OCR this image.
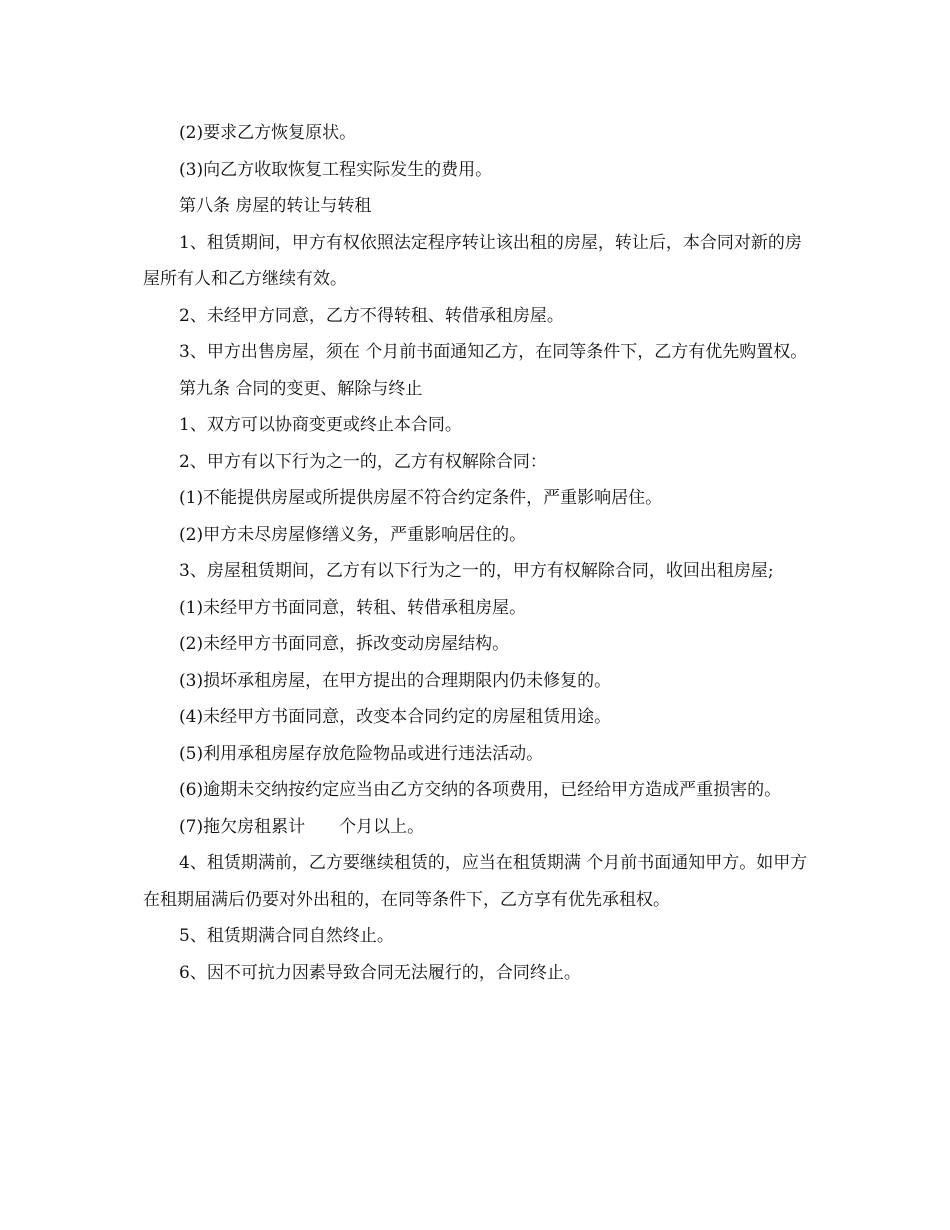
(2)要求乙方恢复原状。

(3)向乙方收取恢复工程实际发生的费用。

第八条 房屋的转让与转租

1、租赁期间，甲方有权依照法定程序转让该出租的房屋，转让后，本合同对新的房屋所有人和乙方继续有效。

2、未经甲方同意，乙方不得转租、转借承租房屋。

3、甲方出售房屋，须在 个月前书面通知乙方，在同等条件下，乙方有优先购置权。

第九条 合同的变更、解除与终止

1、双方可以协商变更或终止本合同。

2、甲方有以下行为之一的，乙方有权解除合同：

(1)不能提供房屋或所提供房屋不符合约定条件，严重影响居住。

(2)甲方未尽房屋修缮义务，严重影响居住的。

3、房屋租赁期间，乙方有以下行为之一的，甲方有权解除合同，收回出租房屋;

(1)未经甲方书面同意，转租、转借承租房屋。

(2)未经甲方书面同意，拆改变动房屋结构。

(3)损坏承租房屋，在甲方提出的合理期限内仍未修复的。

(4)未经甲方书面同意，改变本合同约定的房屋租赁用途。

(5)利用承租房屋存放危险物品或进行违法活动。

(6)逾期未交纳按约定应当由乙方交纳的各项费用，已经给甲方造成严重损害的。

(7)拖欠房租累计　　个月以上。

4、租赁期满前，乙方要继续租赁的，应当在租赁期满 个月前书面通知甲方。如甲方在租期届满后仍要对外出租的，在同等条件下，乙方享有优先承租权。

5、租赁期满合同自然终止。

6、因不可抗力因素导致合同无法履行的，合同终止。
